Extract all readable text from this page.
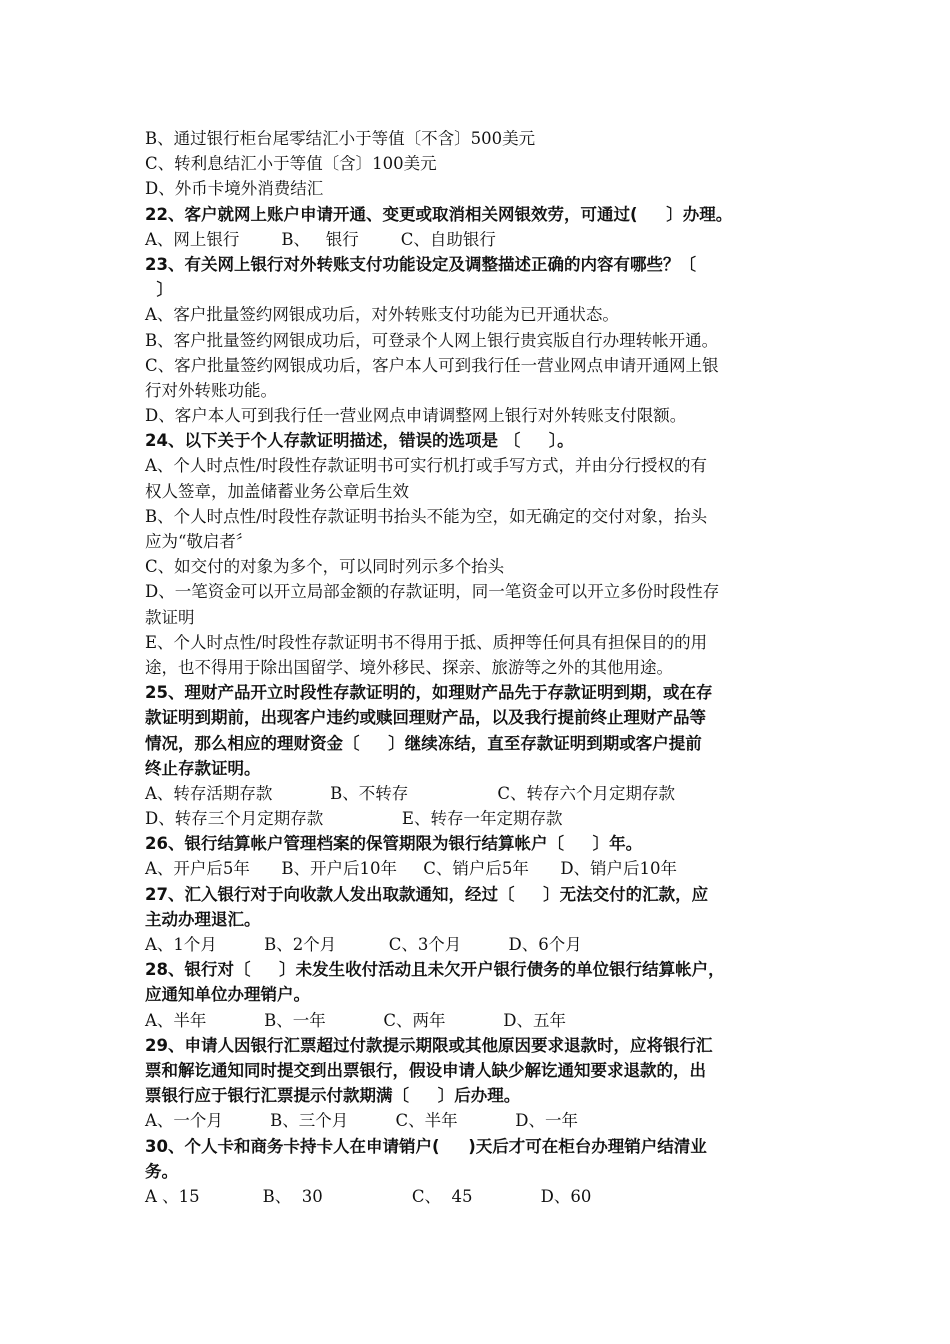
B、通过银行柜台尾零结汇小于等值〔不含〕500美元
C、转利息结汇小于等值〔含〕100美元
D、外币卡境外消费结汇
22、客户就网上账户申请开通、变更或取消相关网银效劳，可通过(     〕办理。
A、网上银行        B、   银行        C、自助银行
23、有关网上银行对外转账支付功能设定及调整描述正确的内容有哪些？〔
〕
A、客户批量签约网银成功后，对外转账支付功能为已开通状态。
B、客户批量签约网银成功后，可登录个人网上银行贵宾版自行办理转帐开通。
C、客户批量签约网银成功后，客户本人可到我行任一营业网点申请开通网上银
行对外转账功能。
D、客户本人可到我行任一营业网点申请调整网上银行对外转账支付限额。
24、以下关于个人存款证明描述，错误的选项是 〔     〕。
A、个人时点性/时段性存款证明书可实行机打或手写方式，并由分行授权的有
权人签章，加盖储蓄业务公章后生效
B、个人时点性/时段性存款证明书抬头不能为空，如无确定的交付对象，抬头
应为“敬启者〞
C、如交付的对象为多个，可以同时列示多个抬头
D、一笔资金可以开立局部金额的存款证明，同一笔资金可以开立多份时段性存
款证明
E、个人时点性/时段性存款证明书不得用于抵、质押等任何具有担保目的的用
途，也不得用于除出国留学、境外移民、探亲、旅游等之外的其他用途。
25、理财产品开立时段性存款证明的，如理财产品先于存款证明到期，或在存
款证明到期前，出现客户违约或赎回理财产品，以及我行提前终止理财产品等
情况，那么相应的理财资金〔     〕继续冻结，直至存款证明到期或客户提前
终止存款证明。
A、转存活期存款           B、不转存                 C、转存六个月定期存款
D、转存三个月定期存款               E、转存一年定期存款
26、银行结算帐户管理档案的保管期限为银行结算帐户〔     〕年。
A、开户后5年      B、开户后10年     C、销户后5年      D、销户后10年
27、汇入银行对于向收款人发出取款通知，经过〔     〕无法交付的汇款，应
主动办理退汇。
A、1个月         B、2个月          C、3个月         D、6个月
28、银行对〔     〕未发生收付活动且未欠开户银行债务的单位银行结算帐户，
应通知单位办理销户。
A、半年           B、一年           C、两年           D、五年
29、申请人因银行汇票超过付款提示期限或其他原因要求退款时，应将银行汇
票和解讫通知同时提交到出票银行，假设申请人缺少解讫通知要求退款的，出
票银行应于银行汇票提示付款期满〔     〕后办理。
A、一个月         B、三个月         C、半年           D、一年
30、个人卡和商务卡持卡人在申请销户(     )天后才可在柜台办理销户结清业
务。
A 、15            B、  30                 C、  45             D、60
